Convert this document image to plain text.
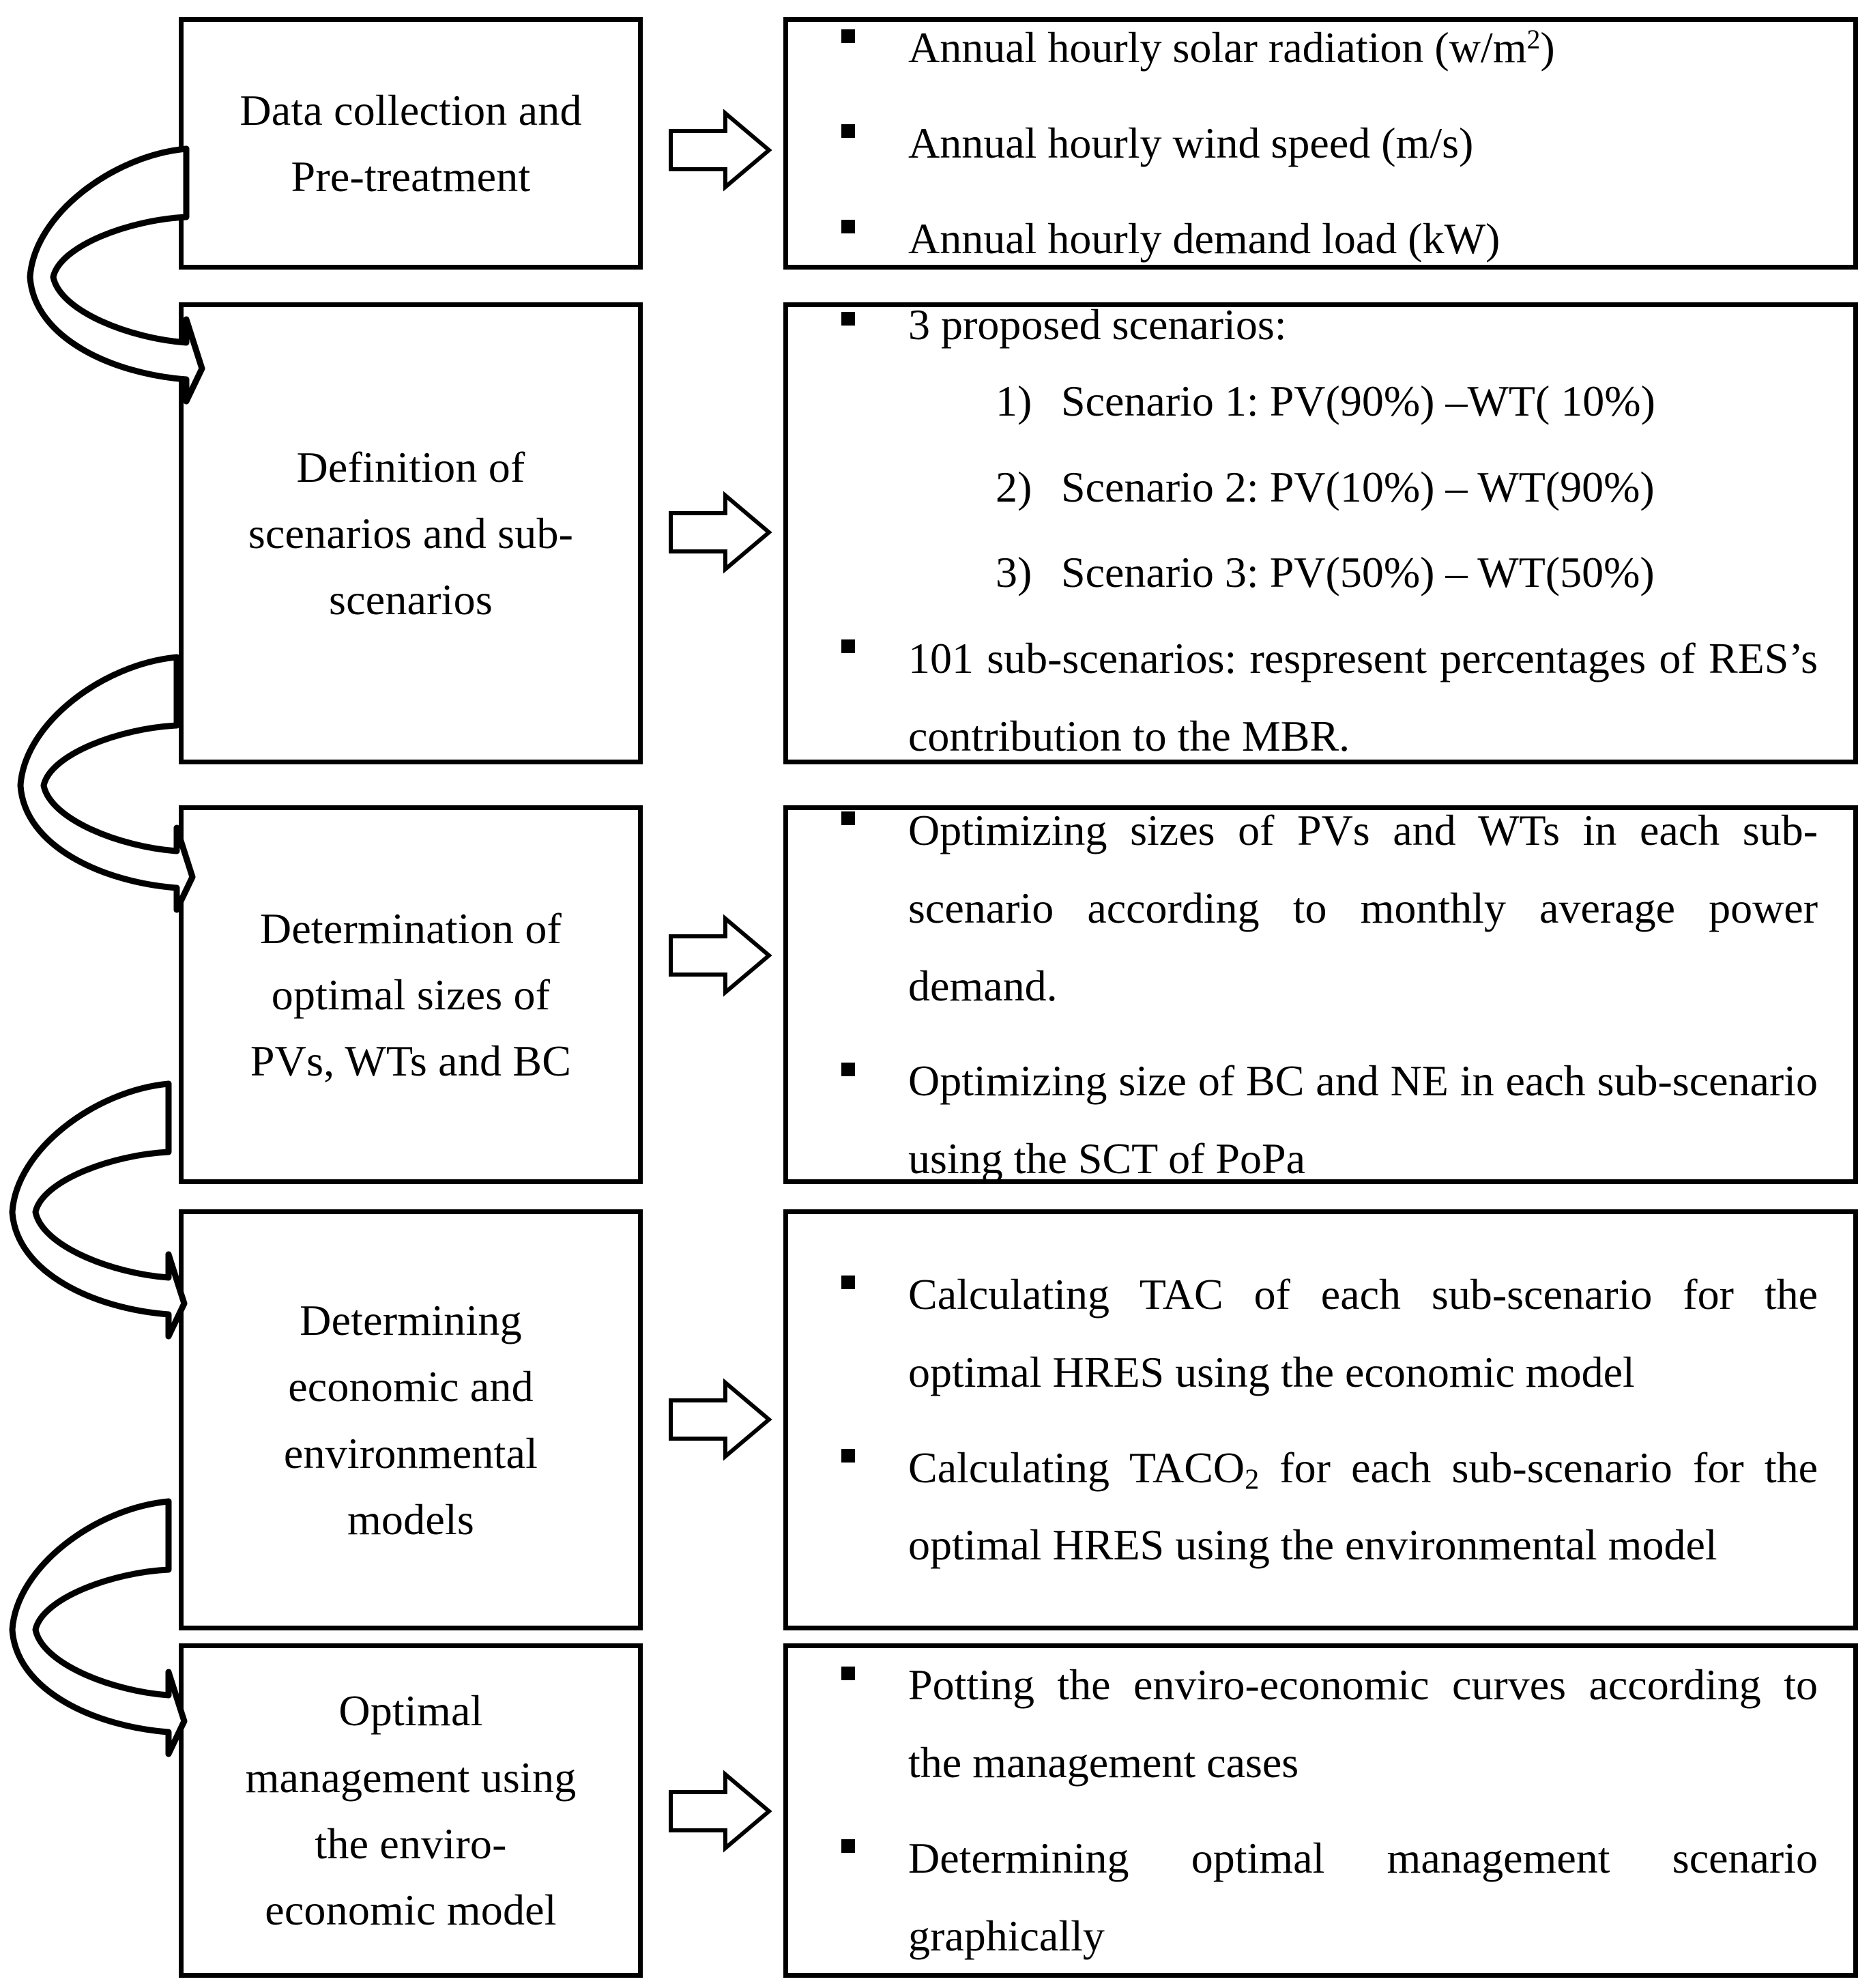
Data collection and
Pre-treatment
Annual hourly solar radiation $(w/m^2)$
Annual hourly wind speed (m/s)
Annual hourly demand load (kW)
Definition of
scenarios and sub-
scenarios
3 proposed scenarios:
1) Scenario 1: PV(90%) –WT( 10%)
2) Scenario 2: PV(10%) – WT(90%)
3) Scenario 3: PV(50%) – WT(50%)
101 sub-scenarios: respresent percentages of RES’s contribution to the MBR.
Determination of
optimal sizes of
PVs, WTs and BC
Optimizing sizes of PVs and WTs in each sub-scenario according to monthly average power demand.
Optimizing size of BC and NE in each sub-scenario using the SCT of PoPa
Determining
economic and
environmental
models
Calculating TAC of each sub-scenario for the optimal HRES using the economic model
Calculating $TACO_2$ for each sub-scenario for the optimal HRES using the environmental model
Optimal
management using
the enviro-
economic model
Potting the enviro-economic curves according to the management cases
Determining optimal management scenario graphically
